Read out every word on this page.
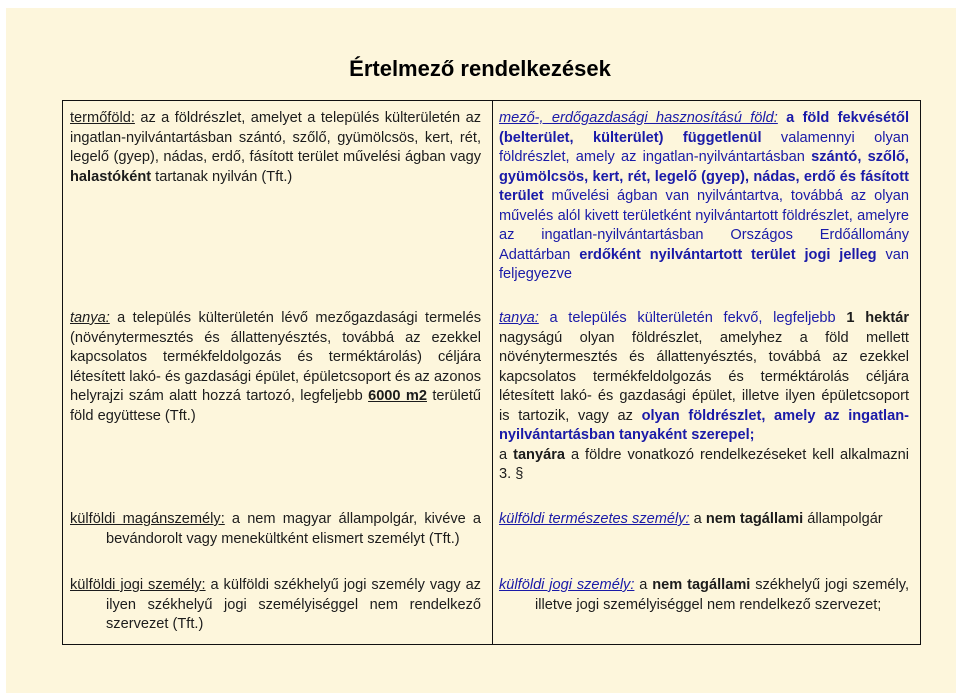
Értelmező rendelkezések
termőföld: az a földrészlet, amelyet a település külterületén az ingatlan-nyilvántartásban szántó, szőlő, gyümölcsös, kert, rét, legelő (gyep), nádas, erdő, fásított terület művelési ágban vagy halastóként tartanak nyilván (Tft.)
tanya: a település külterületén lévő mezőgazdasági termelés (növénytermesztés és állattenyésztés, továbbá az ezekkel kapcsolatos termékfeldolgozás és terméktárolás) céljára létesített lakó- és gazdasági épület, épületcsoport és az azonos helyrajzi szám alatt hozzá tartozó, legfeljebb 6000 m2 területű föld együttese (Tft.)
külföldi magánszemély: a nem magyar állampolgár, kivéve a bevándorolt vagy menekültként elismert személyt (Tft.)
külföldi jogi személy: a külföldi székhelyű jogi személy vagy az ilyen székhelyű jogi személyiséggel nem rendelkező szervezet (Tft.)
mező-, erdőgazdasági hasznosítású föld: a föld fekvésétől (belterület, külterület) függetlenül valamennyi olyan földrészlet, amely az ingatlan-nyilvántartásban szántó, szőlő, gyümölcsös, kert, rét, legelő (gyep), nádas, erdő és fásított terület művelési ágban van nyilvántartva, továbbá az olyan művelés alól kivett területként nyilvántartott földrészlet, amelyre az ingatlan-nyilvántartásban Országos Erdőállomány Adattárban erdőként nyilvántartott terület jogi jelleg van feljegyezve
tanya: a település külterületén fekvő, legfeljebb 1 hektár nagyságú olyan földrészlet, amelyhez a föld mellett növénytermesztés és állattenyésztés, továbbá az ezekkel kapcsolatos termékfeldolgozás és terméktárolás céljára létesített lakó- és gazdasági épület, illetve ilyen épületcsoport is tartozik, vagy az olyan földrészlet, amely az ingatlan-nyilvántartásban tanyaként szerepel;
a tanyára a földre vonatkozó rendelkezéseket kell alkalmazni 3. §
külföldi természetes személy: a nem tagállami állampolgár
külföldi jogi személy: a nem tagállami székhelyű jogi személy, illetve jogi személyiséggel nem rendelkező szervezet;
